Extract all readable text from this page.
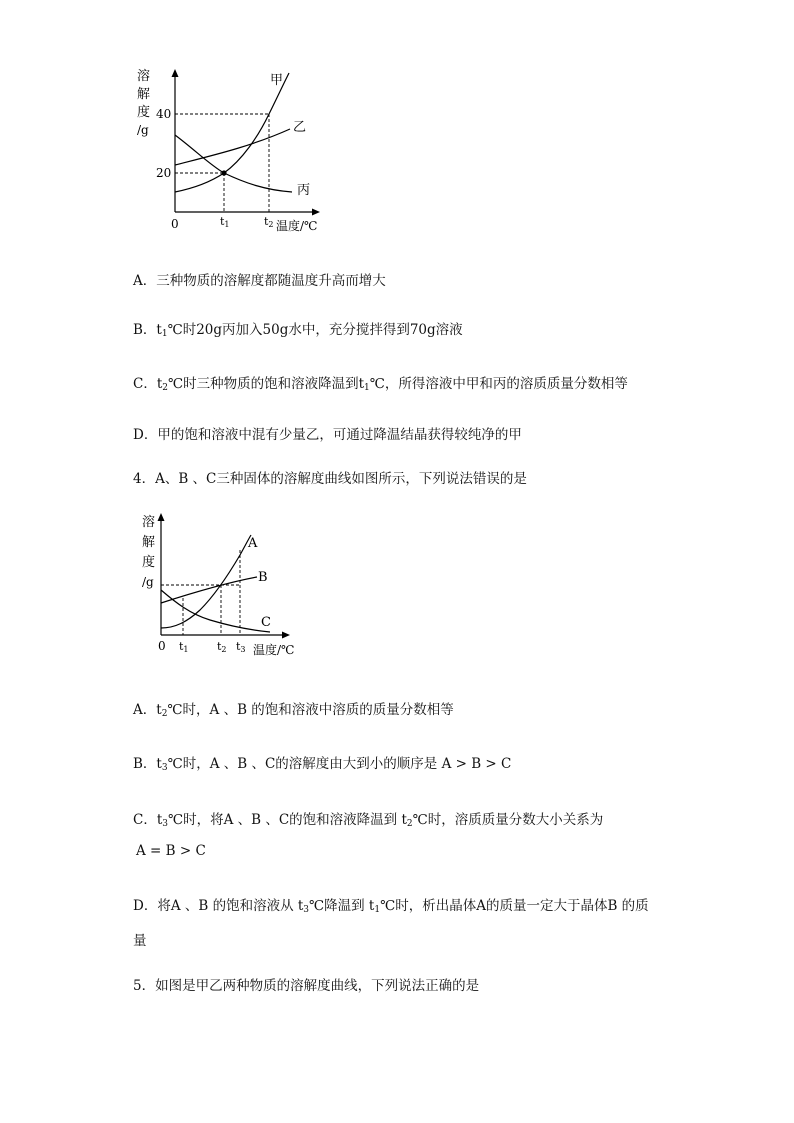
溶
解
度
/g
40
20
甲
乙
丙
0	t1	t2 温度/℃
A．三种物质的溶解度都随温度升高而增大
B．$t_1℃$时20g丙加入50g水中，充分搅拌得到70g溶液
C．$t_2℃$时三种物质的饱和溶液降温到$t_1℃$，所得溶液中甲和丙的溶质质量分数相等
D．甲的饱和溶液中混有少量乙，可通过降温结晶获得较纯净的甲
4．A、B 、C三种固体的溶解度曲线如图所示，下列说法错误的是
溶
解
度
/g
A
B
C
0 t1	t2 t3 温度/℃
A．$t_2℃$时，A 、B 的饱和溶液中溶质的质量分数相等
B．$t_3℃$时，A 、B 、C的溶解度由大到小的顺序是 A > B > C
C．$t_3℃$时，将A 、B 、C的饱和溶液降温到 $t_2℃$时，溶质质量分数大小关系为
A = B > C
D．将A 、B 的饱和溶液从 $t_3℃$降温到 $t_1℃$时，析出晶体A的质量一定大于晶体B 的质
量
5．如图是甲乙两种物质的溶解度曲线，下列说法正确的是
